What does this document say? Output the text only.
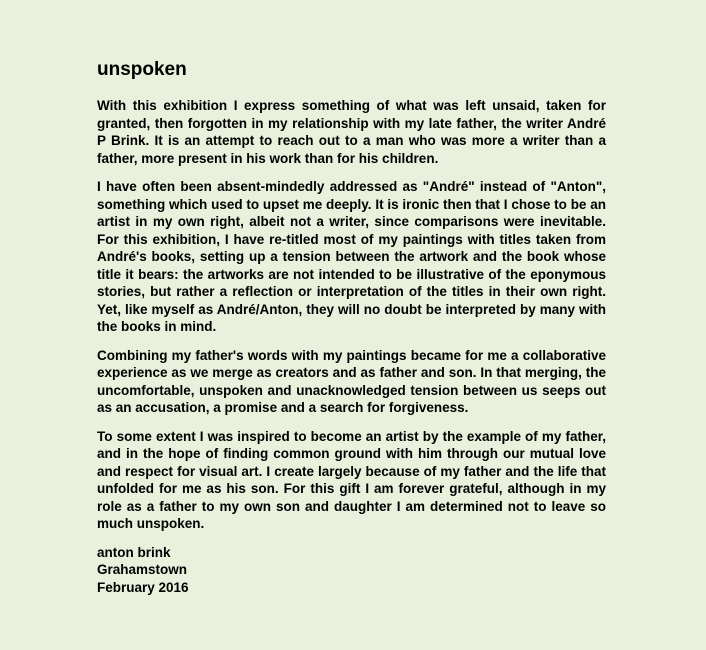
unspoken

With this exhibition I express something of what was left unsaid, taken for granted, then forgotten in my relationship with my late father, the writer André P Brink. It is an attempt to reach out to a man who was more a writer than a father, more present in his work than for his children.

I have often been absent-mindedly addressed as "André" instead of "Anton", something which used to upset me deeply. It is ironic then that I chose to be an artist in my own right, albeit not a writer, since comparisons were inevitable. For this exhibition, I have re-titled most of my paintings with titles taken from André's books, setting up a tension between the artwork and the book whose title it bears: the artworks are not intended to be illustrative of the eponymous stories, but rather a reflection or interpretation of the titles in their own right. Yet, like myself as André/Anton, they will no doubt be interpreted by many with the books in mind.

Combining my father's words with my paintings became for me a collaborative experience as we merge as creators and as father and son. In that merging, the uncomfortable, unspoken and unacknowledged tension between us seeps out as an accusation, a promise and a search for forgiveness.

To some extent I was inspired to become an artist by the example of my father, and in the hope of finding common ground with him through our mutual love and respect for visual art. I create largely because of my father and the life that unfolded for me as his son. For this gift I am forever grateful, although in my role as a father to my own son and daughter I am determined not to leave so much unspoken.

anton brink
Grahamstown
February 2016
